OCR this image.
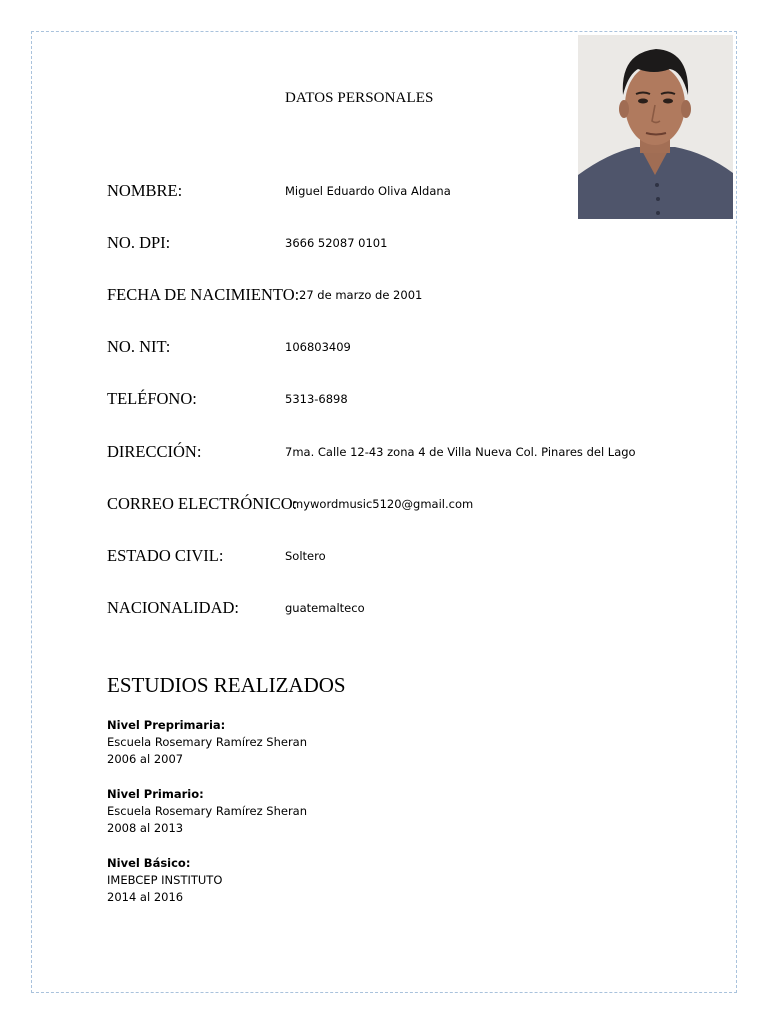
DATOS PERSONALES
NOMBRE:	Miguel Eduardo Oliva Aldana
NO. DPI:	3666 52087 0101
FECHA DE NACIMIENTO: 27 de marzo de 2001
NO. NIT:	106803409
TELÉFONO:	5313-6898
DIRECCIÓN:	7ma. Calle 12-43 zona 4 de Villa Nueva Col. Pinares del Lago
CORREO ELECTRÓNICO:
mywordmusic5120@gmail.com
ESTADO CIVIL:	Soltero
NACIONALIDAD:	guatemalteco
ESTUDIOS REALIZADOS
Nivel Preprimaria:
Escuela Rosemary Ramírez Sheran
2006 al 2007
Nivel Primario:
Escuela Rosemary Ramírez Sheran
2008 al 2013
Nivel Básico:
IMEBCEP INSTITUTO
2014 al 2016
